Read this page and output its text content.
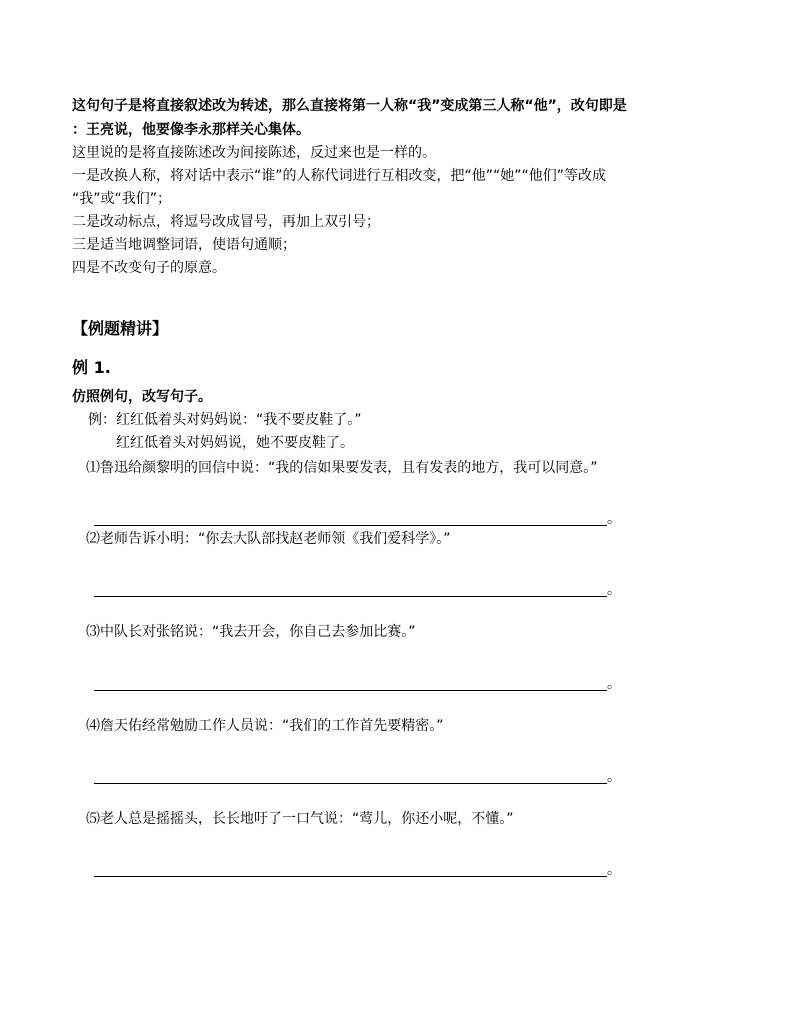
这句句子是将直接叙述改为转述，那么直接将第一人称“我”变成第三人称“他”，改句即是
：王亮说，他要像李永那样关心集体。
这里说的是将直接陈述改为间接陈述，反过来也是一样的。
一是改换人称，将对话中表示“谁”的人称代词进行互相改变，把“他”“她”“他们”等改成
“我”或“我们”；
二是改动标点，将逗号改成冒号，再加上双引号；
三是适当地调整词语，使语句通顺；
四是不改变句子的原意。
【例题精讲】
例 1.
仿照例句，改写句子。
例：红红低着头对妈妈说：“我不要皮鞋了。”
红红低着头对妈妈说，她不要皮鞋了。
⑴鲁迅给颜黎明的回信中说：“我的信如果要发表，且有发表的地方，我可以同意。”
。
⑵老师告诉小明：“你去大队部找赵老师领《我们爱科学》。”
。
⑶中队长对张铭说：“我去开会，你自己去参加比赛。”
。
⑷詹天佑经常勉励工作人员说：“我们的工作首先要精密。”
。
⑸老人总是摇摇头，长长地吁了一口气说：“莺儿，你还小呢，不懂。”
。
